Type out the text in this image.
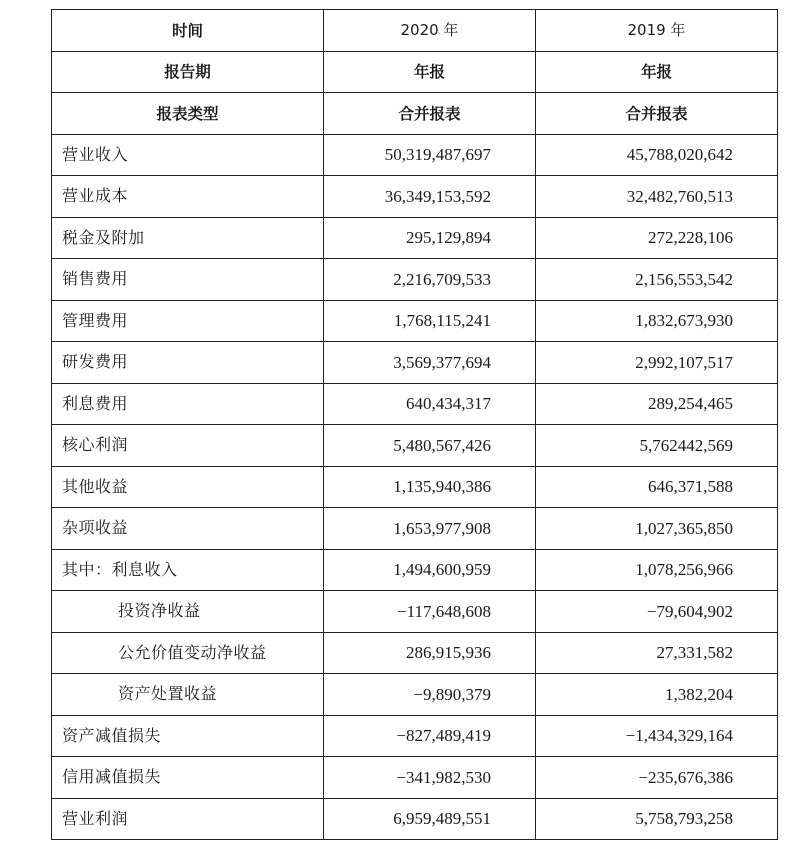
时间	2020 年	2019 年
报告期	年报	年报
报表类型	合并报表	合并报表
营业收入	50,319,487,697	45,788,020,642
营业成本	36,349,153,592	32,482,760,513
税金及附加	295,129,894	272,228,106
销售费用	2,216,709,533	2,156,553,542
管理费用	1,768,115,241	1,832,673,930
研发费用	3,569,377,694	2,992,107,517
利息费用	640,434,317	289,254,465
核心利润	5,480,567,426	5,762442,569
其他收益	1,135,940,386	646,371,588
杂项收益	1,653,977,908	1,027,365,850
其中：利息收入	1,494,600,959	1,078,256,966
投资净收益	−117,648,608	−79,604,902
公允价值变动净收益	286,915,936	27,331,582
资产处置收益	−9,890,379	1,382,204
资产减值损失	−827,489,419	−1,434,329,164
信用减值损失	−341,982,530	−235,676,386
营业利润	6,959,489,551	5,758,793,258
